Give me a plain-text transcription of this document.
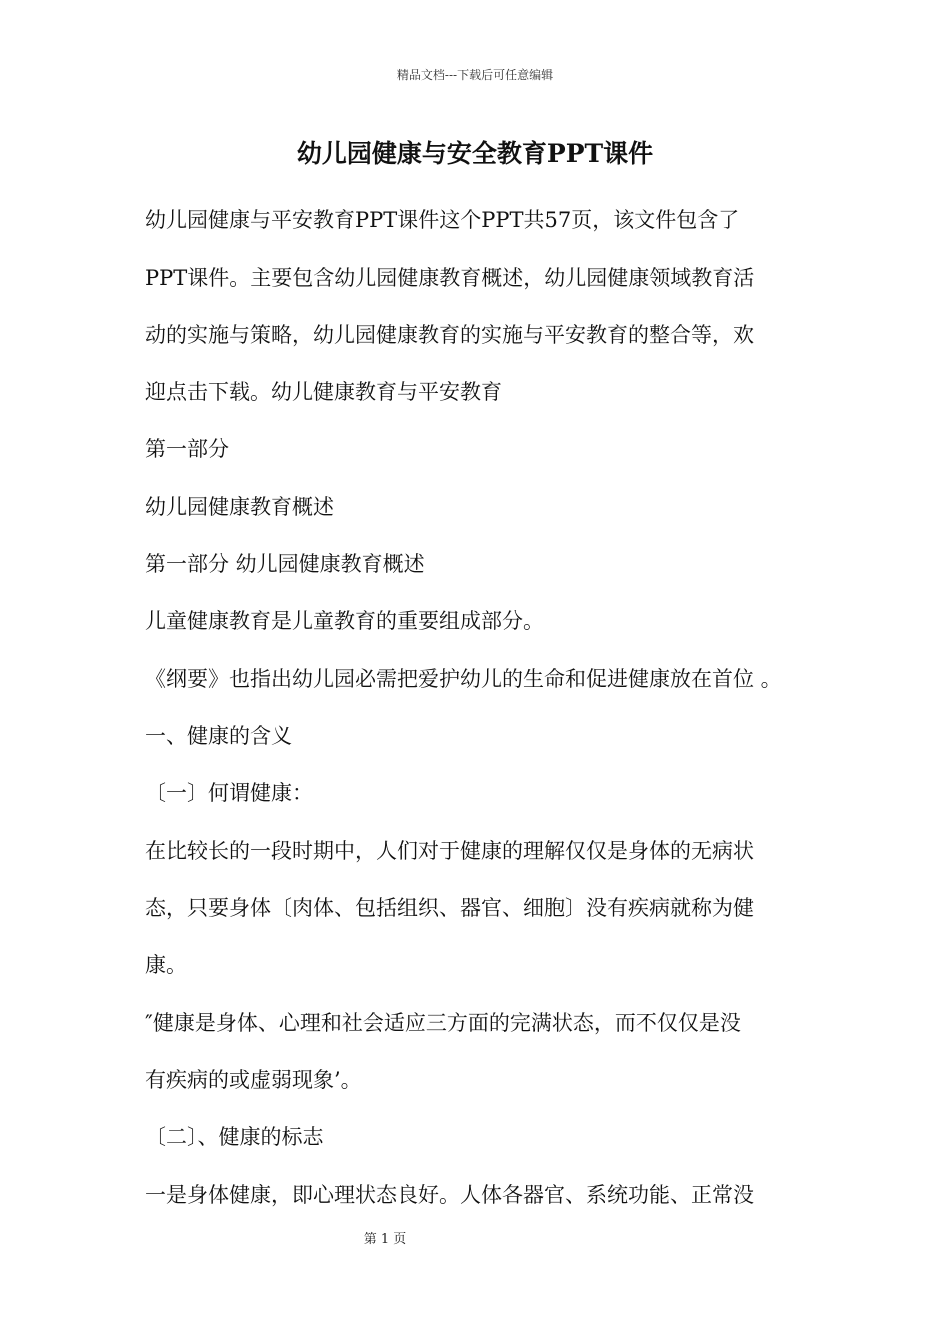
精品文档---下载后可任意编辑
幼儿园健康与安全教育PPT课件

幼儿园健康与平安教育PPT课件这个PPT共57页，该文件包含了

PPT课件。主要包含幼儿园健康教育概述，幼儿园健康领域教育活

动的实施与策略，幼儿园健康教育的实施与平安教育的整合等，欢

迎点击下载。幼儿健康教育与平安教育

第一部分

幼儿园健康教育概述

第一部分 幼儿园健康教育概述

儿童健康教育是儿童教育的重要组成部分。

《纲要》也指出幼儿园必需把爱护幼儿的生命和促进健康放在首位 。

一、健康的含义

〔一〕何谓健康：

在比较长的一段时期中，人们对于健康的理解仅仅是身体的无病状

态，只要身体〔肉体、包括组织、器官、细胞〕没有疾病就称为健

康。

″健康是身体、心理和社会适应三方面的完满状态，而不仅仅是没

有疾病的或虚弱现象’。

〔二〕、健康的标志

一是身体健康，即心理状态良好。人体各器官、系统功能、正常没

第 1 页
